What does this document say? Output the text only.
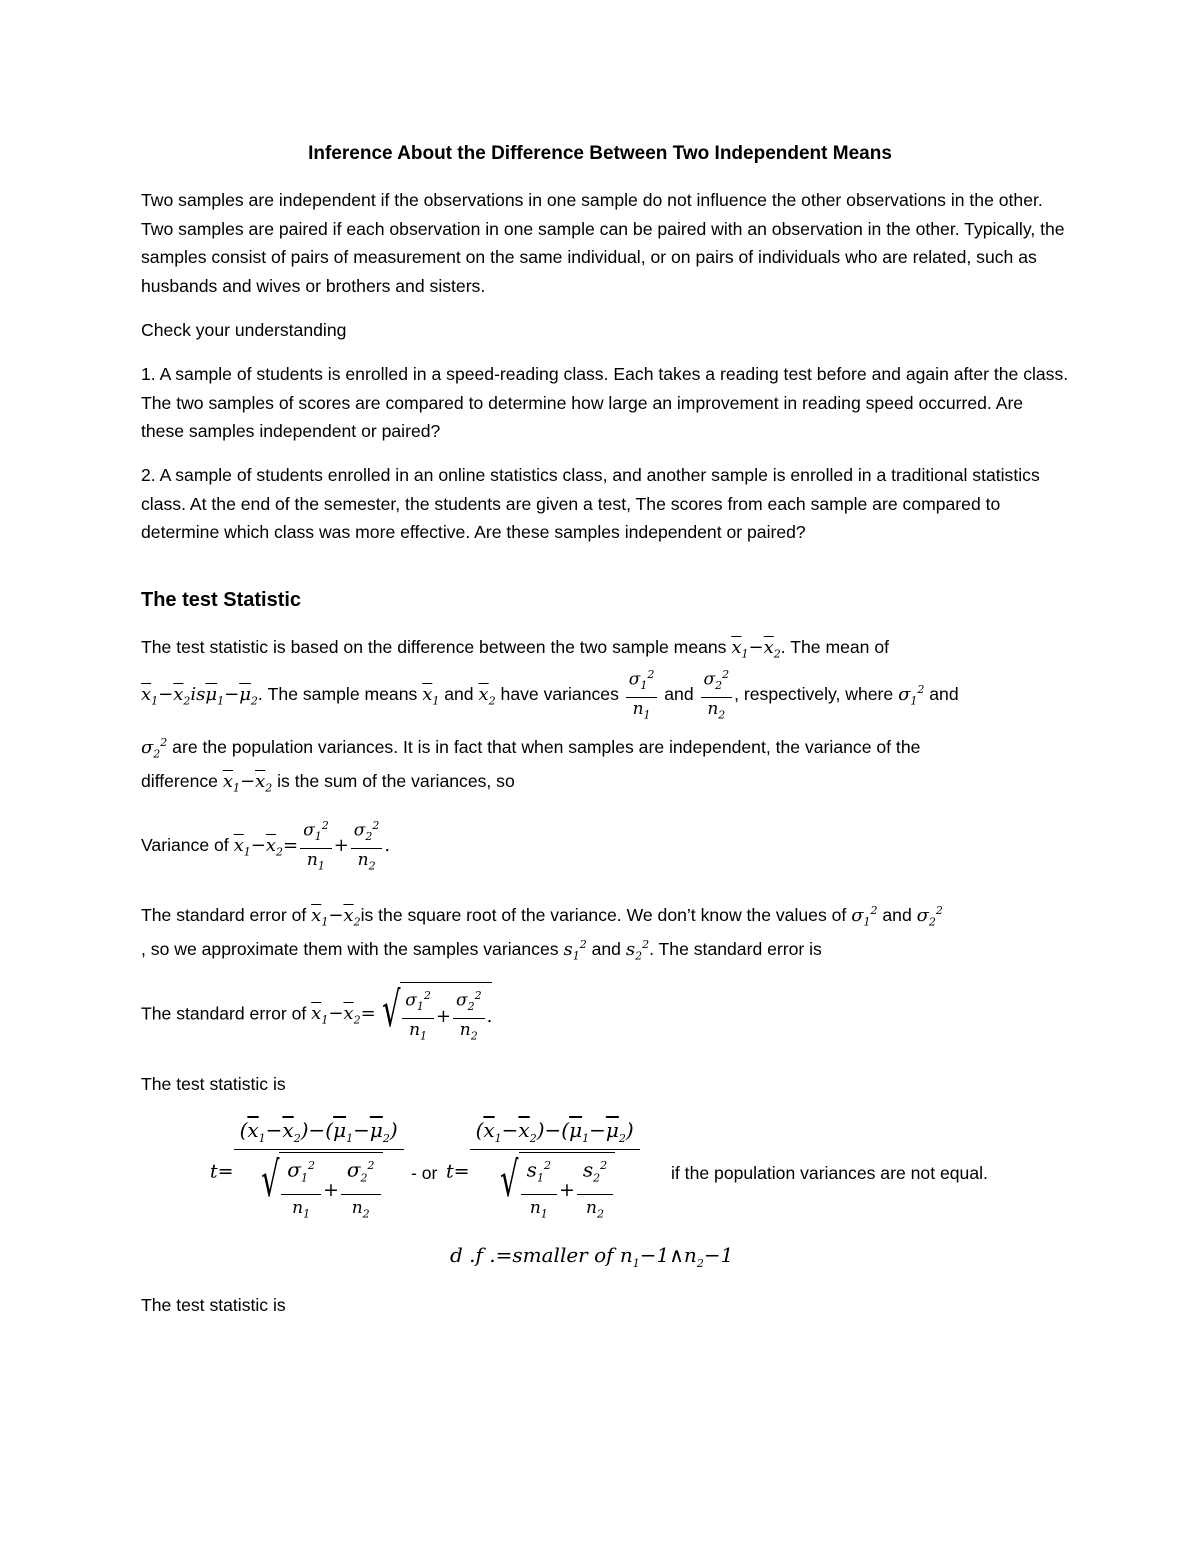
Inference About the Difference Between Two Independent Means
Two samples are independent if the observations in one sample do not influence the other observations in the other. Two samples are paired if each observation in one sample can be paired with an observation in the other. Typically, the samples consist of pairs of measurement on the same individual, or on pairs of individuals who are related, such as husbands and wives or brothers and sisters.
Check your understanding
1. A sample of students is enrolled in a speed-reading class. Each takes a reading test before and again after the class. The two samples of scores are compared to determine how large an improvement in reading speed occurred. Are these samples independent or paired?
2. A sample of students enrolled in an online statistics class, and another sample is enrolled in a traditional statistics class. At the end of the semester, the students are given a test, The scores from each sample are compared to determine which class was more effective. Are these samples independent or paired?
The test Statistic
The test statistic is based on the difference between the two sample means $\overline{x}_1-\overline{x}_2$. The mean of
$\overline{x}_1-\overline{x}_2is\overline{\mu}_1-\overline{\mu}_2$. The sample means $\overline{x}_1$ and $\overline{x}_2$ have variances $\frac{\sigma_1^2}{n_1}$ and $\frac{\sigma_2^2}{n_2}$ , respectively, where $\sigma_1^2$ and
$\sigma_2^2$ are the population variances. It is in fact that when samples are independent, the variance of the
difference $\overline{x}_1-\overline{x}_2$ is the sum of the variances, so
Variance of $\overline{x}_1-\overline{x}_2= \frac{\sigma_1^2}{n_1} + \frac{\sigma_2^2}{n_2}$ .
The standard error of $\overline{x}_1-\overline{x}_2is$ the square root of the variance. We don’t know the values of $\sigma_1^2$ and $\sigma_2^2$
, so we approximate them with the samples variances $s_1^2$ and $s_2^2$. The standard error is
The standard error of $\overline{x}_1-\overline{x}_2=$ √ $\frac{\sigma_1^2}{n_1} + \frac{\sigma_2^2}{n_2}$ .
The test statistic is
$t= \frac{(\overline{x}_1-\overline{x}_2)-(\overline{\mu}_1-\overline{\mu}_2)}{√ \frac{\sigma_1^2}{n_1} + \frac{\sigma_2^2}{n_2}}$ - or $t= \frac{(\overline{x}_1-\overline{x}_2)-(\overline{\mu}_1-\overline{\mu}_2)}{√ \frac{s_1^2}{n_1} + \frac{s_2^2}{n_2}}$ if the population variances are not equal.
d .f .=smaller of $n_1-1\wedge n_2-1$
The test statistic is
